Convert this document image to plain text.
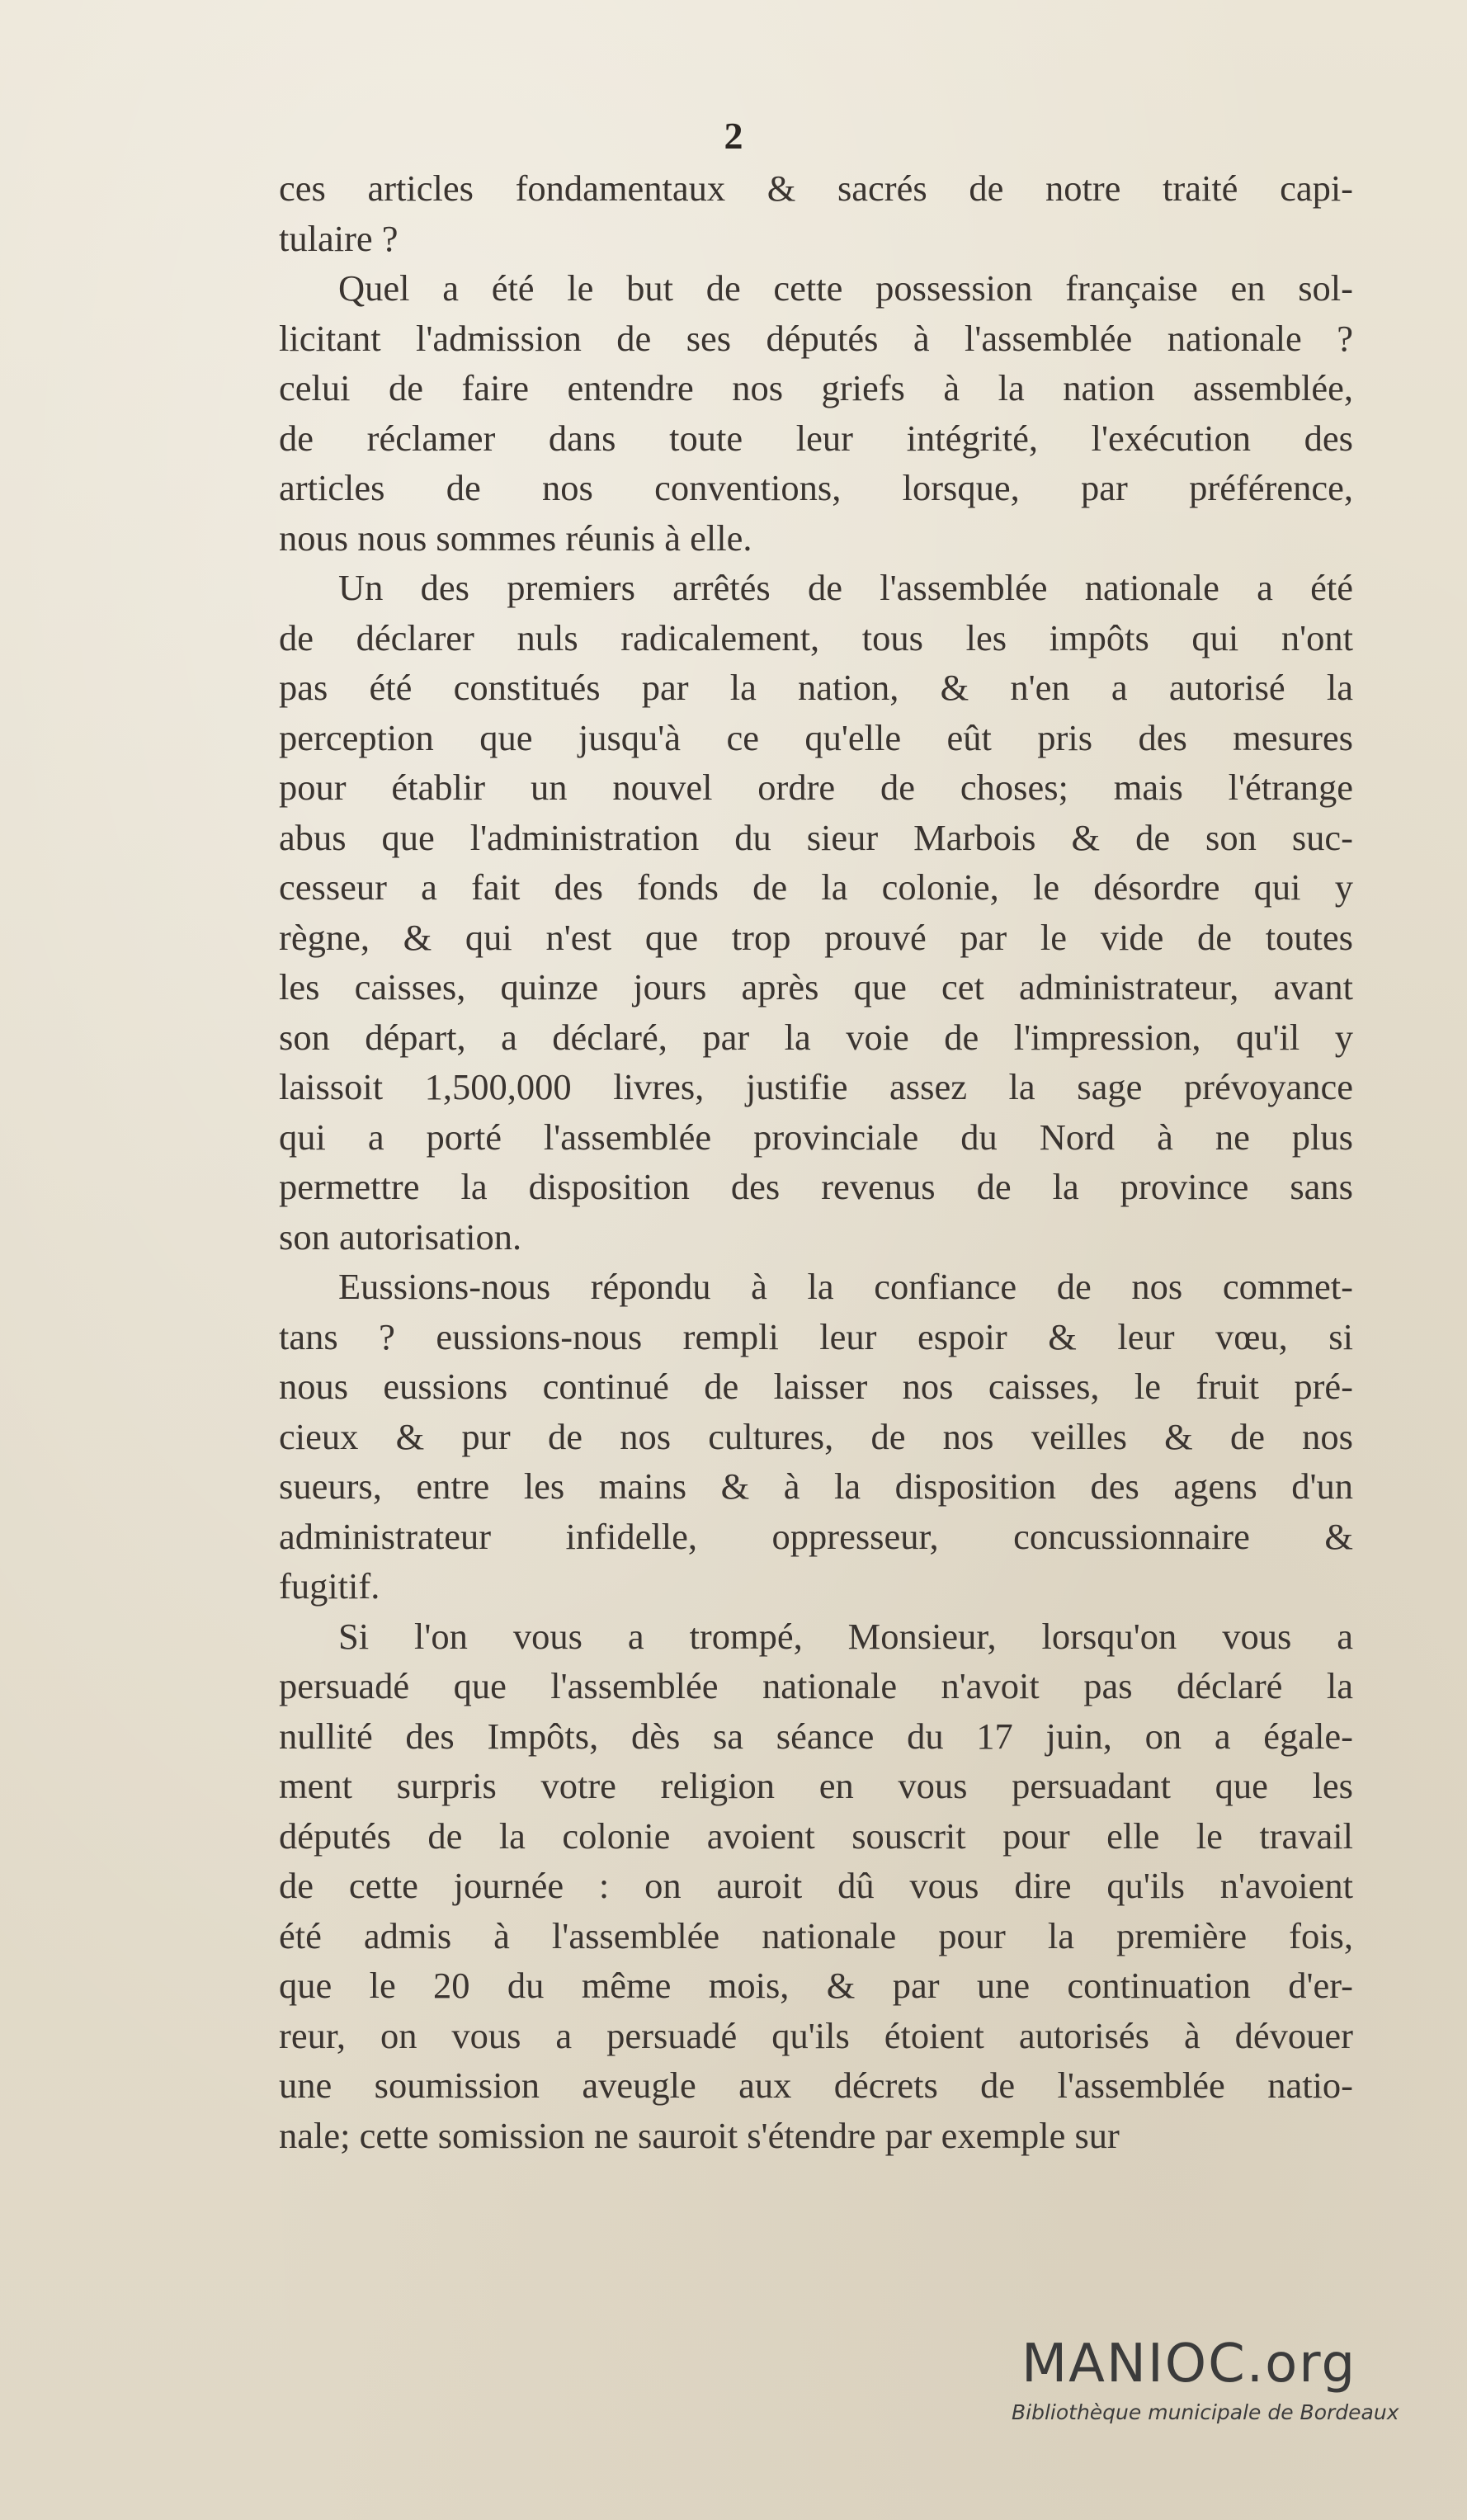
2
ces articles fondamentaux & sacrés de notre traité capi-
tulaire ?
Quel a été le but de cette possession française en sol-
licitant l'admission de ses députés à l'assemblée nationale ?
celui de faire entendre nos griefs à la nation assemblée,
de réclamer dans toute leur intégrité, l'exécution des
articles de nos conventions, lorsque, par préférence,
nous nous sommes réunis à elle.
Un des premiers arrêtés de l'assemblée nationale a été
de déclarer nuls radicalement, tous les impôts qui n'ont
pas été constitués par la nation, & n'en a autorisé la
perception que jusqu'à ce qu'elle eût pris des mesures
pour établir un nouvel ordre de choses; mais l'étrange
abus que l'administration du sieur Marbois & de son suc-
cesseur a fait des fonds de la colonie, le désordre qui y
règne, & qui n'est que trop prouvé par le vide de toutes
les caisses, quinze jours après que cet administrateur, avant
son départ, a déclaré, par la voie de l'impression, qu'il y
laissoit 1,500,000 livres, justifie assez la sage prévoyance
qui a porté l'assemblée provinciale du Nord à ne plus
permettre la disposition des revenus de la province sans
son autorisation.
Eussions-nous répondu à la confiance de nos commet-
tans ? eussions-nous rempli leur espoir & leur vœu, si
nous eussions continué de laisser nos caisses, le fruit pré-
cieux & pur de nos cultures, de nos veilles & de nos
sueurs, entre les mains & à la disposition des agens d'un
administrateur infidelle, oppresseur, concussionnaire &
fugitif.
Si l'on vous a trompé, Monsieur, lorsqu'on vous a
persuadé que l'assemblée nationale n'avoit pas déclaré la
nullité des Impôts, dès sa séance du 17 juin, on a égale-
ment surpris votre religion en vous persuadant que les
députés de la colonie avoient souscrit pour elle le travail
de cette journée : on auroit dû vous dire qu'ils n'avoient
été admis à l'assemblée nationale pour la première fois,
que le 20 du même mois, & par une continuation d'er-
reur, on vous a persuadé qu'ils étoient autorisés à dévouer
une soumission aveugle aux décrets de l'assemblée natio-
nale; cette somission ne sauroit s'étendre par exemple sur
MANIOC.org
Bibliothèque municipale de Bordeaux
